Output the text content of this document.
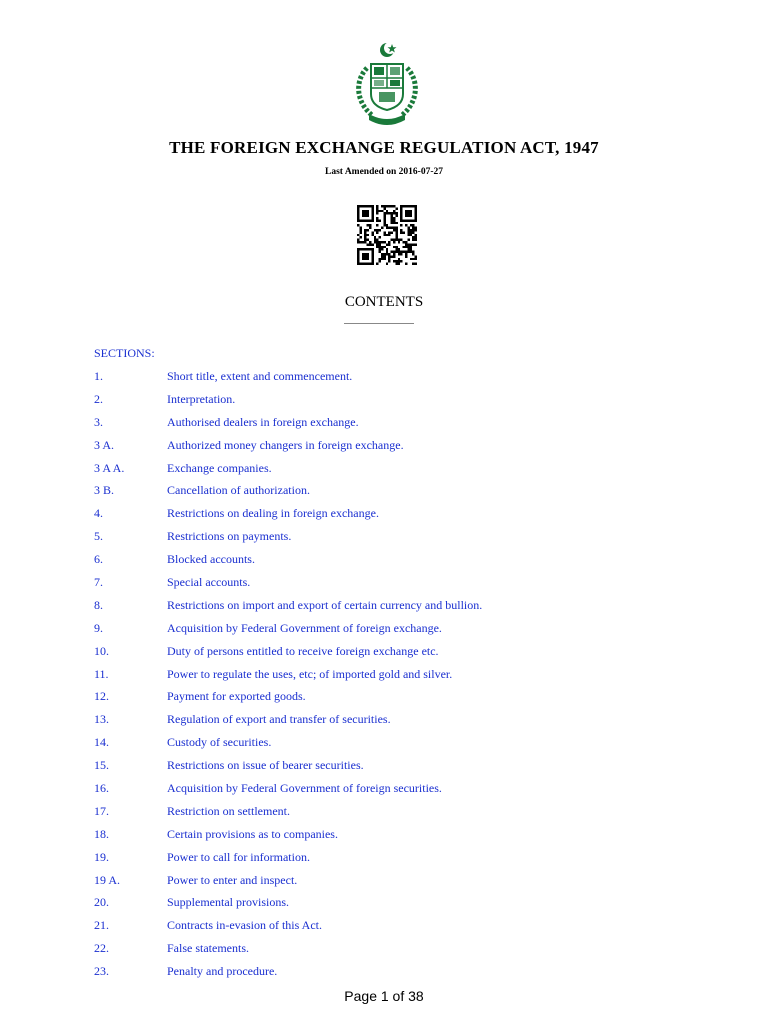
THE FOREIGN EXCHANGE REGULATION ACT, 1947
Last Amended on 2016-07-27
CONTENTS
SECTIONS:
1.	Short title, extent and commencement.
2.	Interpretation.
3.	Authorised dealers in foreign exchange.
3 A.	Authorized money changers in foreign exchange.
3 A A.	Exchange companies.
3 B.	Cancellation of authorization.
4.	Restrictions on dealing in foreign exchange.
5.	Restrictions on payments.
6.	Blocked accounts.
7.	Special accounts.
8.	Restrictions on import and export of certain currency and bullion.
9.	Acquisition by Federal Government of foreign exchange.
10.	Duty of persons entitled to receive foreign exchange etc.
11.	Power to regulate the uses, etc; of imported gold and silver.
12.	Payment for exported goods.
13.	Regulation of export and transfer of securities.
14.	Custody of securities.
15.	Restrictions on issue of bearer securities.
16.	Acquisition by Federal Government of foreign securities.
17.	Restriction on settlement.
18.	Certain provisions as to companies.
19.	Power to call for information.
19 A.	Power to enter and inspect.
20.	Supplemental provisions.
21.	Contracts in-evasion of this Act.
22.	False statements.
23.	Penalty and procedure.
Page 1 of 38
